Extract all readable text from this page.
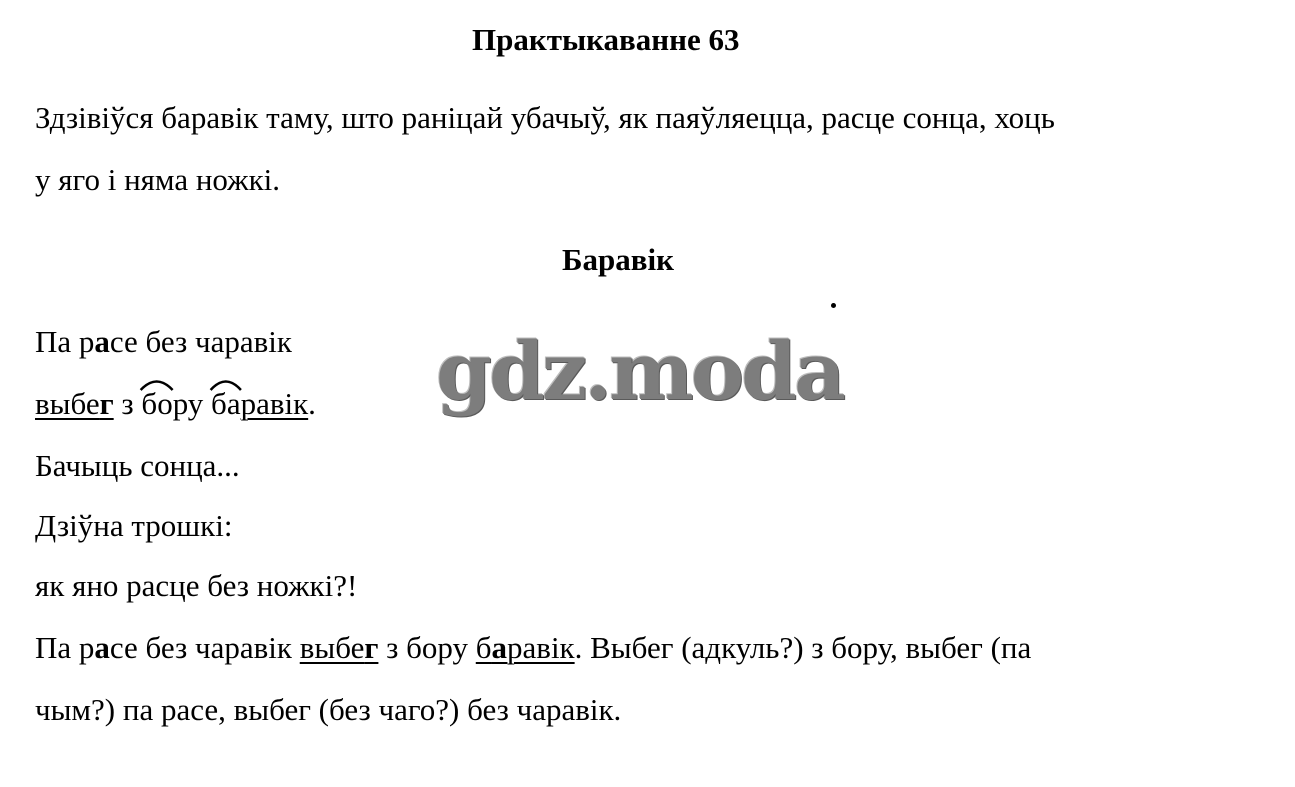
Практыкаванне 63
Здзівіўся баравік таму, што раніцай убачыў, як паяўляецца, расце сонца, хоць
у яго і няма ножкі.
Баравік
Па расе без чаравік
выбег з
бору
баравік.
Бачыць сонца...
Дзіўна трошкі:
як яно расце без ножкі?!
Па расе без чаравік выбег з бору баравік. Выбег (адкуль?) з бору, выбег (па
чым?) па расе, выбег (без чаго?) без чаравік.
gdz.moda
